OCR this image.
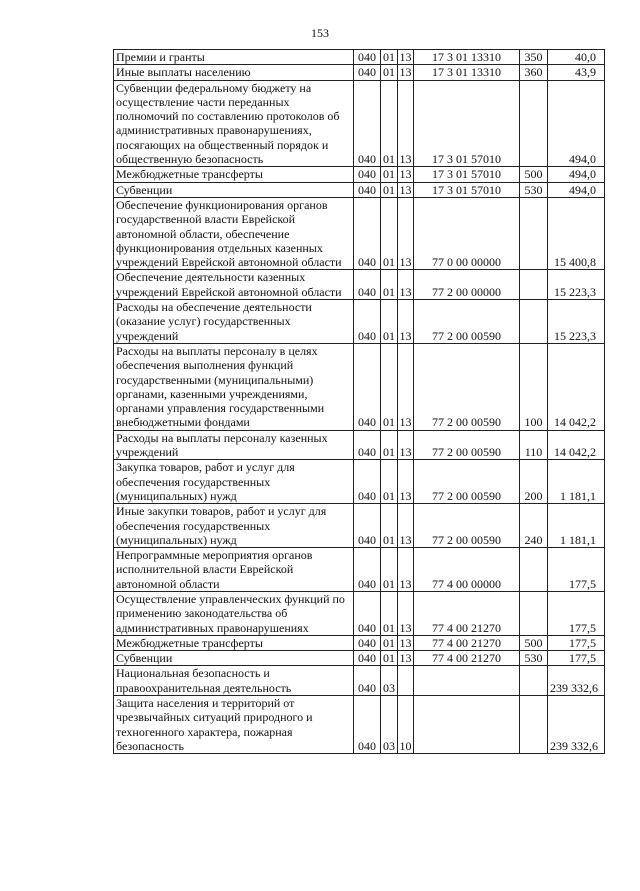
153
Премии и гранты	040	01	13	17 3 01 13310	350	40,0
Иные выплаты населению	040	01	13	17 3 01 13310	360	43,9
Субвенции федеральному бюджету на осуществление части переданных полномочий по составлению протоколов об административных правонарушениях, посягающих на общественный порядок и общественную безопасность	040	01	13	17 3 01 57010		494,0
Межбюджетные трансферты	040	01	13	17 3 01 57010	500	494,0
Субвенции	040	01	13	17 3 01 57010	530	494,0
Обеспечение функционирования органов государственной власти Еврейской автономной области, обеспечение функционирования отдельных казенных учреждений Еврейской автономной области	040	01	13	77 0 00 00000		15 400,8
Обеспечение деятельности казенных учреждений Еврейской автономной области	040	01	13	77 2 00 00000		15 223,3
Расходы на обеспечение деятельности (оказание услуг) государственных учреждений	040	01	13	77 2 00 00590		15 223,3
Расходы на выплаты персоналу в целях обеспечения выполнения функций государственными (муниципальными) органами, казенными учреждениями, органами управления государственными внебюджетными фондами	040	01	13	77 2 00 00590	100	14 042,2
Расходы на выплаты персоналу казенных учреждений	040	01	13	77 2 00 00590	110	14 042,2
Закупка товаров, работ и услуг для обеспечения государственных (муниципальных) нужд	040	01	13	77 2 00 00590	200	1 181,1
Иные закупки товаров, работ и услуг для обеспечения государственных (муниципальных) нужд	040	01	13	77 2 00 00590	240	1 181,1
Непрограммные мероприятия органов исполнительной власти Еврейской автономной области	040	01	13	77 4 00 00000		177,5
Осуществление управленческих функций по применению законодательства об административных правонарушениях	040	01	13	77 4 00 21270		177,5
Межбюджетные трансферты	040	01	13	77 4 00 21270	500	177,5
Субвенции	040	01	13	77 4 00 21270	530	177,5
Национальная безопасность и правоохранительная деятельность	040	03				239 332,6
Защита населения и территорий от чрезвычайных ситуаций природного и техногенного характера, пожарная безопасность	040	03	10			239 332,6
